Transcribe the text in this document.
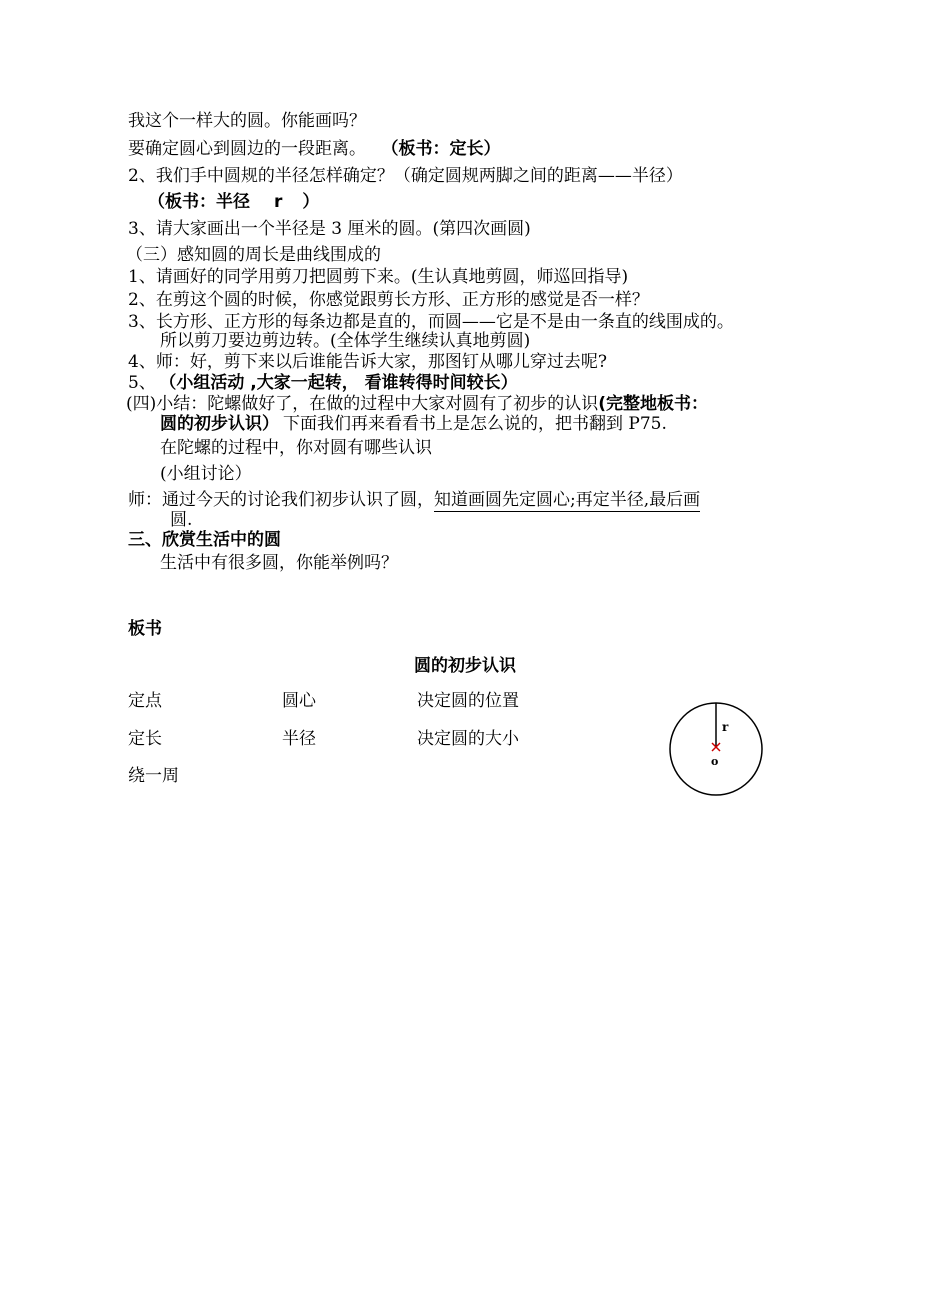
我这个一样大的圆。你能画吗？
要确定圆心到圆边的一段距离。 （板书：定长）
2、我们手中圆规的半径怎样确定？（确定圆规两脚之间的距离——半径）
（板书：半径 r ）
3、请大家画出一个半径是 3 厘米的圆。(第四次画圆)
（三）感知圆的周长是曲线围成的
1、请画好的同学用剪刀把圆剪下来。(生认真地剪圆，师巡回指导)
2、在剪这个圆的时候，你感觉跟剪长方形、正方形的感觉是否一样？
3、长方形、正方形的每条边都是直的，而圆——它是不是由一条直的线围成的。
所以剪刀要边剪边转。(全体学生继续认真地剪圆)
4、师：好，剪下来以后谁能告诉大家，那图钉从哪儿穿过去呢?
5、 （小组活动 ,大家一起转， 看谁转得时间较长）
(四)小结：陀螺做好了，在做的过程中大家对圆有了初步的认识(完整地板书：
圆的初步认识） 下面我们再来看看书上是怎么说的，把书翻到 P75.
在陀螺的过程中，你对圆有哪些认识
(小组讨论）
师：通过今天的讨论我们初步认识了圆，知道画圆先定圆心;再定半径,最后画
圆.
三、欣赏生活中的圆
生活中有很多圆，你能举例吗？
板书
圆的初步认识
定点	圆心	决定圆的位置
定长	半径	决定圆的大小
绕一周
r
o
